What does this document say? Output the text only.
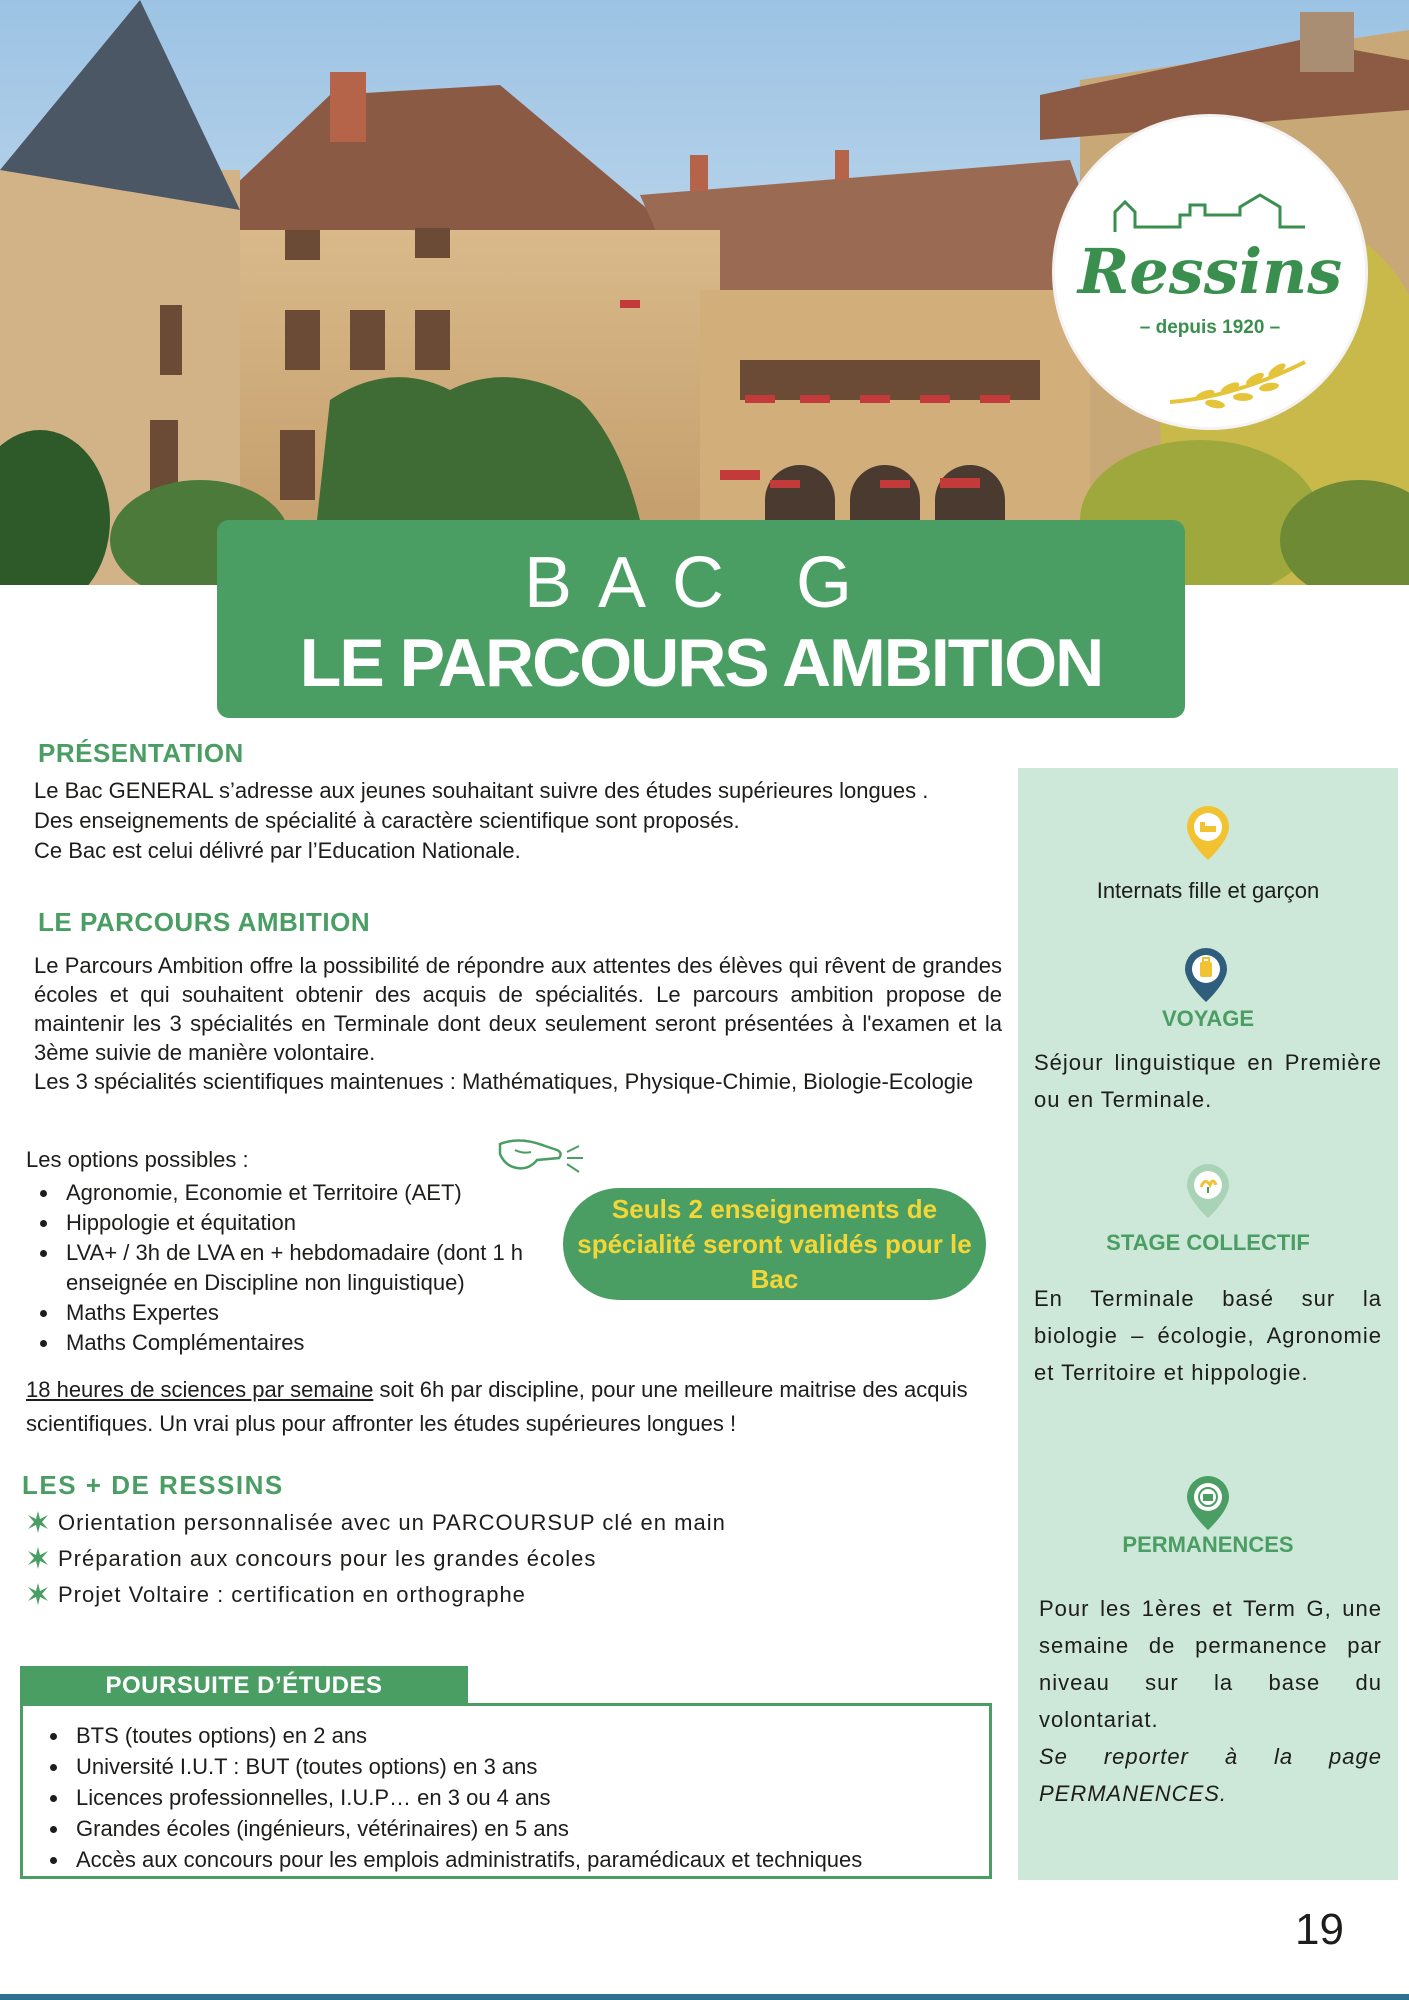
Ressins
– depuis 1920 –
BAC G
LE PARCOURS AMBITION
PRÉSENTATION
Le Bac GENERAL s’adresse aux jeunes souhaitant suivre des études supérieures longues .
Des enseignements de spécialité à caractère scientifique sont proposés.
Ce Bac est celui délivré par l’Education Nationale.
LE PARCOURS AMBITION
Le Parcours Ambition offre la possibilité de répondre aux attentes des élèves qui rêvent de grandes écoles et qui souhaitent obtenir des acquis de spécialités. Le parcours ambition propose de maintenir les 3 spécialités en Terminale dont deux seulement seront présentées à l'examen et la 3ème suivie de manière volontaire.
Les 3 spécialités scientifiques maintenues : Mathématiques, Physique-Chimie, Biologie-Ecologie
Les options possibles :
• Agronomie, Economie et Territoire (AET)
• Hippologie et équitation
• LVA+ / 3h de LVA en + hebdomadaire (dont 1 h enseignée en Discipline non linguistique)
• Maths Expertes
• Maths Complémentaires
Seuls 2 enseignements de spécialité seront validés pour le Bac
18 heures de sciences par semaine soit 6h par discipline, pour une meilleure maitrise des acquis scientifiques. Un vrai plus pour affronter les études supérieures longues !
LES + DE RESSINS
Orientation personnalisée avec un PARCOURSUP clé en main
Préparation aux concours pour les grandes écoles
Projet Voltaire : certification en orthographe
POURSUITE D’ÉTUDES
• BTS (toutes options) en 2 ans
• Université I.U.T : BUT (toutes options) en 3 ans
• Licences professionnelles, I.U.P… en 3 ou 4 ans
• Grandes écoles (ingénieurs, vétérinaires) en 5 ans
• Accès aux concours pour les emplois administratifs, paramédicaux et techniques
Internats fille et garçon
VOYAGE
Séjour linguistique en Première ou en Terminale.
STAGE COLLECTIF
En Terminale basé sur la biologie – écologie, Agronomie et Territoire et hippologie.
PERMANENCES
Pour les 1ères et Term G, une semaine de permanence par niveau sur la base du volontariat.
Se reporter à la page PERMANENCES.
19
